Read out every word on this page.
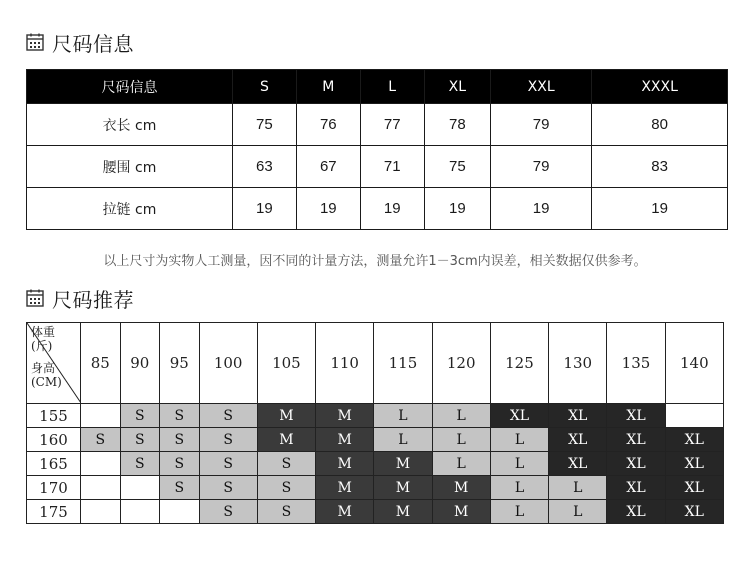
尺码信息
尺码信息	S	M	L	XL	XXL	XXXL
衣长 cm	75	76	77	78	79	80
腰围 cm	63	67	71	75	79	83
拉链 cm	19	19	19	19	19	19
以上尺寸为实物人工测量，因不同的计量方法，测量允许1－3cm内误差，相关数据仅供参考。
尺码推荐
体重
(斤)
身高
(CM)	85	90	95	100	105	110	115	120	125	130	135	140
155		S	S	S	M	M	L	L	XL	XL	XL	
160	S	S	S	S	M	M	L	L	L	XL	XL	XL
165		S	S	S	S	M	M	L	L	XL	XL	XL
170			S	S	S	M	M	M	L	L	XL	XL
175				S	S	M	M	M	L	L	XL	XL
